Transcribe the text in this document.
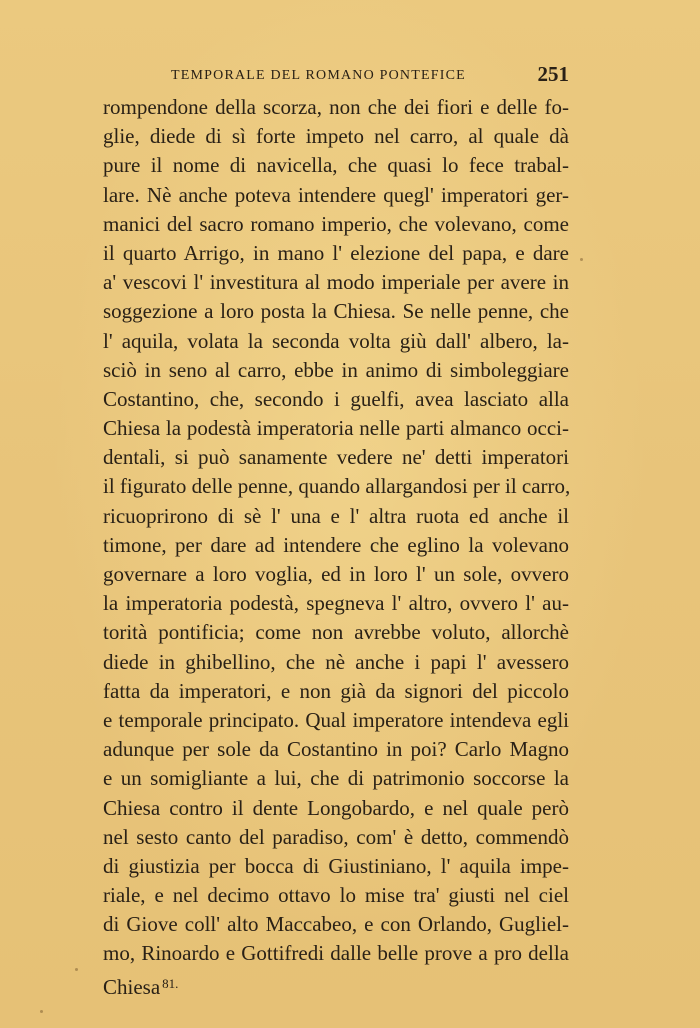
TEMPORALE DEL ROMANO PONTEFICE	251
rompendone della scorza, non che dei fiori e delle fo-
glie, diede di sì forte impeto nel carro, al quale dà
pure il nome di navicella, che quasi lo fece trabal-
lare. Nè anche poteva intendere quegl' imperatori ger-
manici del sacro romano imperio, che volevano, come
il quarto Arrigo, in mano l' elezione del papa, e dare
a' vescovi l' investitura al modo imperiale per avere in
soggezione a loro posta la Chiesa. Se nelle penne, che
l' aquila, volata la seconda volta giù dall' albero, la-
sciò in seno al carro, ebbe in animo di simboleggiare
Costantino, che, secondo i guelfi, avea lasciato alla
Chiesa la podestà imperatoria nelle parti almanco occi-
dentali, si può sanamente vedere ne' detti imperatori
il figurato delle penne, quando allargandosi per il carro,
ricuoprirono di sè l' una e l' altra ruota ed anche il
timone, per dare ad intendere che eglino la volevano
governare a loro voglia, ed in loro l' un sole, ovvero
la imperatoria podestà, spegneva l' altro, ovvero l' au-
torità pontificia; come non avrebbe voluto, allorchè
diede in ghibellino, che nè anche i papi l' avessero
fatta da imperatori, e non già da signori del piccolo
e temporale principato. Qual imperatore intendeva egli
adunque per sole da Costantino in poi? Carlo Magno
e un somigliante a lui, che di patrimonio soccorse la
Chiesa contro il dente Longobardo, e nel quale però
nel sesto canto del paradiso, com' è detto, commendò
di giustizia per bocca di Giustiniano, l' aquila impe-
riale, e nel decimo ottavo lo mise tra' giusti nel ciel
di Giove coll' alto Maccabeo, e con Orlando, Gugliel-
mo, Rinoardo e Gottifredi dalle belle prove a pro della
Chiesa $^{81.}$
